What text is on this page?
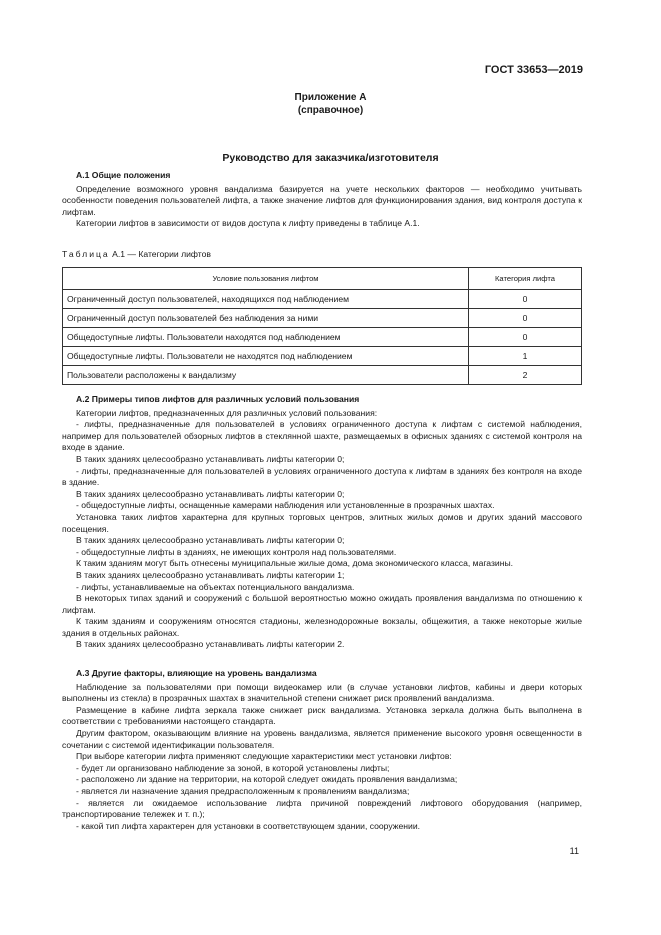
ГОСТ 33653—2019
Приложение А
(справочное)
Руководство для заказчика/изготовителя
А.1 Общие положения

Определение возможного уровня вандализма базируется на учете нескольких факторов — необходимо учитывать особенности поведения пользователей лифта, а также значение лифтов для функционирования здания, вид контроля доступа к лифтам.

Категории лифтов в зависимости от видов доступа к лифту приведены в таблице А.1.

Таблица А.1 — Категории лифтов
Условие пользования лифтом	Категория лифта
Ограниченный доступ пользователей, находящихся под наблюдением	0
Ограниченный доступ пользователей без наблюдения за ними	0
Общедоступные лифты. Пользователи находятся под наблюдением	0
Общедоступные лифты. Пользователи не находятся под наблюдением	1
Пользователи расположены к вандализму	2
А.2 Примеры типов лифтов для различных условий пользования

Категории лифтов, предназначенных для различных условий пользования:

- лифты, предназначенные для пользователей в условиях ограниченного доступа к лифтам с системой наблюдения, например для пользователей обзорных лифтов в стеклянной шахте, размещаемых в офисных зданиях с системой контроля на входе в здание.

В таких зданиях целесообразно устанавливать лифты категории 0;

- лифты, предназначенные для пользователей в условиях ограниченного доступа к лифтам в зданиях без контроля на входе в здание.

В таких зданиях целесообразно устанавливать лифты категории 0;

- общедоступные лифты, оснащенные камерами наблюдения или установленные в прозрачных шахтах.

Установка таких лифтов характерна для крупных торговых центров, элитных жилых домов и других зданий массового посещения.

В таких зданиях целесообразно устанавливать лифты категории 0;

- общедоступные лифты в зданиях, не имеющих контроля над пользователями.

К таким зданиям могут быть отнесены муниципальные жилые дома, дома экономического класса, магазины.

В таких зданиях целесообразно устанавливать лифты категории 1;

- лифты, устанавливаемые на объектах потенциального вандализма.

В некоторых типах зданий и сооружений с большой вероятностью можно ожидать проявления вандализма по отношению к лифтам.

К таким зданиям и сооружениям относятся стадионы, железнодорожные вокзалы, общежития, а также некоторые жилые здания в отдельных районах.

В таких зданиях целесообразно устанавливать лифты категории 2.

А.3 Другие факторы, влияющие на уровень вандализма

Наблюдение за пользователями при помощи видеокамер или (в случае установки лифтов, кабины и двери которых выполнены из стекла) в прозрачных шахтах в значительной степени снижает риск проявлений вандализма.

Размещение в кабине лифта зеркала также снижает риск вандализма. Установка зеркала должна быть выполнена в соответствии с требованиями настоящего стандарта.

Другим фактором, оказывающим влияние на уровень вандализма, является применение высокого уровня освещенности в сочетании с системой идентификации пользователя.

При выборе категории лифта применяют следующие характеристики мест установки лифтов:

- будет ли организовано наблюдение за зоной, в которой установлены лифты;

- расположено ли здание на территории, на которой следует ожидать проявления вандализма;

- является ли назначение здания предрасположенным к проявлениям вандализма;

- является ли ожидаемое использование лифта причиной повреждений лифтового оборудования (например, транспортирование тележек и т. п.);

- какой тип лифта характерен для установки в соответствующем здании, сооружении.

11
